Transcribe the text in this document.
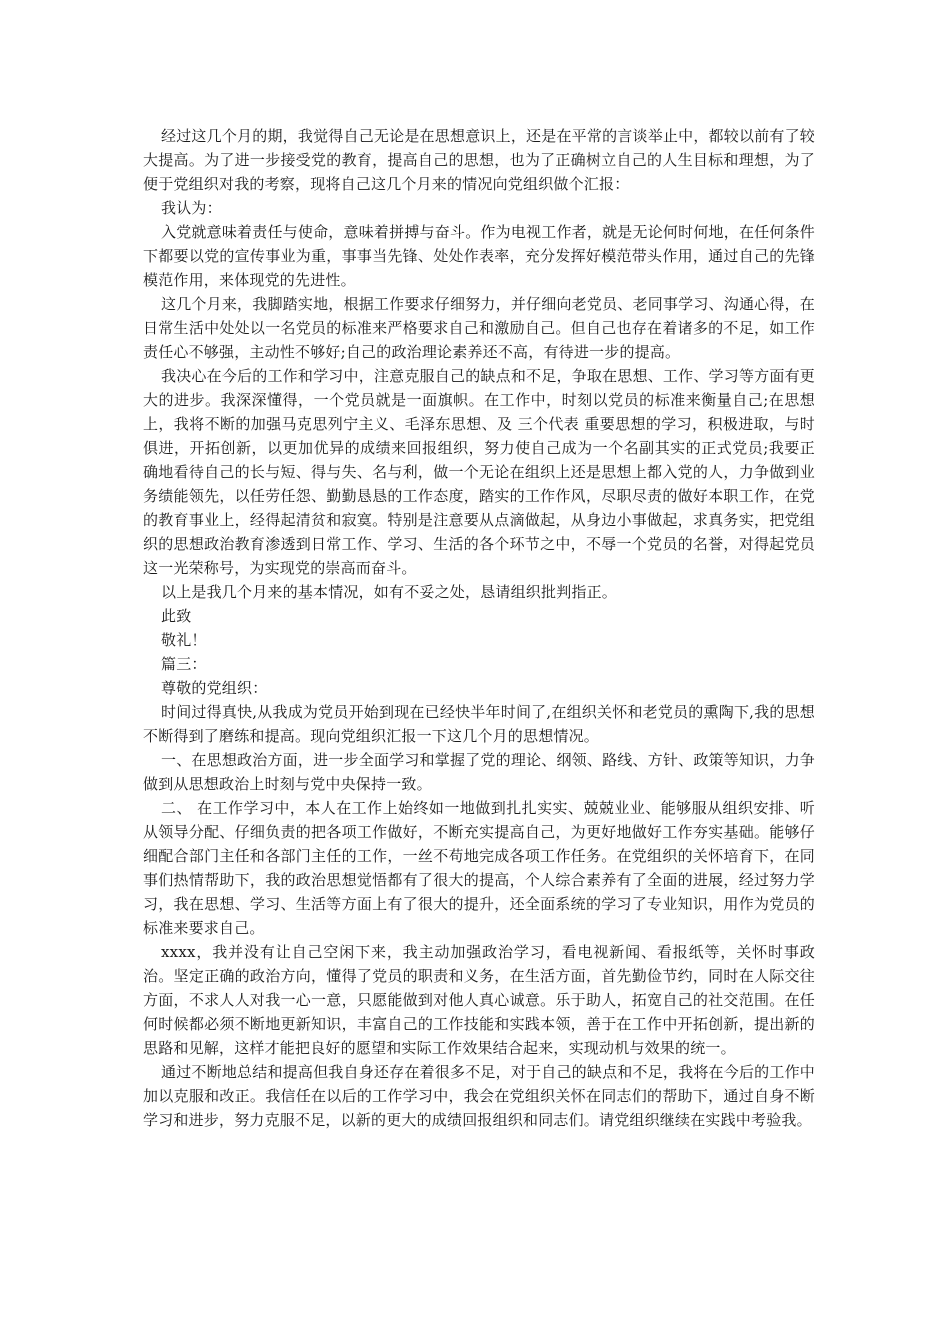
经过这几个月的期，我觉得自己无论是在思想意识上，还是在平常的言谈举止中，都较以前有了较大提高。为了进一步接受党的教育，提高自己的思想，也为了正确树立自己的人生目标和理想，为了便于党组织对我的考察，现将自己这几个月来的情况向党组织做个汇报：

我认为：

入党就意味着责任与使命，意味着拼搏与奋斗。作为电视工作者，就是无论何时何地，在任何条件下都要以党的宣传事业为重，事事当先锋、处处作表率，充分发挥好模范带头作用，通过自己的先锋模范作用，来体现党的先进性。

这几个月来，我脚踏实地，根据工作要求仔细努力，并仔细向老党员、老同事学习、沟通心得，在日常生活中处处以一名党员的标准来严格要求自己和激励自己。但自己也存在着诸多的不足，如工作责任心不够强，主动性不够好;自己的政治理论素养还不高，有待进一步的提高。

我决心在今后的工作和学习中，注意克服自己的缺点和不足，争取在思想、工作、学习等方面有更大的进步。我深深懂得，一个党员就是一面旗帜。在工作中，时刻以党员的标准来衡量自己;在思想上，我将不断的加强马克思列宁主义、毛泽东思想、及 三个代表 重要思想的学习，积极进取，与时俱进，开拓创新，以更加优异的成绩来回报组织，努力使自己成为一个名副其实的正式党员;我要正确地看待自己的长与短、得与失、名与利，做一个无论在组织上还是思想上都入党的人，力争做到业务绩能领先，以任劳任怨、勤勤恳恳的工作态度，踏实的工作作风，尽职尽责的做好本职工作，在党的教育事业上，经得起清贫和寂寞。特别是注意要从点滴做起，从身边小事做起，求真务实，把党组织的思想政治教育渗透到日常工作、学习、生活的各个环节之中，不辱一个党员的名誉，对得起党员这一光荣称号，为实现党的崇高而奋斗。

以上是我几个月来的基本情况，如有不妥之处，恳请组织批判指正。

此致

敬礼！

篇三：

尊敬的党组织：

时间过得真快,从我成为党员开始到现在已经快半年时间了,在组织关怀和老党员的熏陶下,我的思想不断得到了磨练和提高。现向党组织汇报一下这几个月的思想情况。

一、在思想政治方面，进一步全面学习和掌握了党的理论、纲领、路线、方针、政策等知识，力争做到从思想政治上时刻与党中央保持一致。

二、 在工作学习中，本人在工作上始终如一地做到扎扎实实、兢兢业业、能够服从组织安排、听从领导分配、仔细负责的把各项工作做好，不断充实提高自己，为更好地做好工作夯实基础。能够仔细配合部门主任和各部门主任的工作，一丝不苟地完成各项工作任务。在党组织的关怀培育下，在同事们热情帮助下，我的政治思想觉悟都有了很大的提高，个人综合素养有了全面的进展，经过努力学习，我在思想、学习、生活等方面上有了很大的提升，还全面系统的学习了专业知识，用作为党员的标准来要求自己。

xxxx，我并没有让自己空闲下来，我主动加强政治学习，看电视新闻、看报纸等，关怀时事政治。坚定正确的政治方向，懂得了党员的职责和义务，在生活方面，首先勤俭节约，同时在人际交往方面，不求人人对我一心一意，只愿能做到对他人真心诚意。乐于助人，拓宽自己的社交范围。在任何时候都必须不断地更新知识，丰富自己的工作技能和实践本领，善于在工作中开拓创新，提出新的思路和见解，这样才能把良好的愿望和实际工作效果结合起来，实现动机与效果的统一。

通过不断地总结和提高但我自身还存在着很多不足，对于自己的缺点和不足，我将在今后的工作中加以克服和改正。我信任在以后的工作学习中，我会在党组织关怀在同志们的帮助下，通过自身不断学习和进步，努力克服不足，以新的更大的成绩回报组织和同志们。请党组织继续在实践中考验我。
